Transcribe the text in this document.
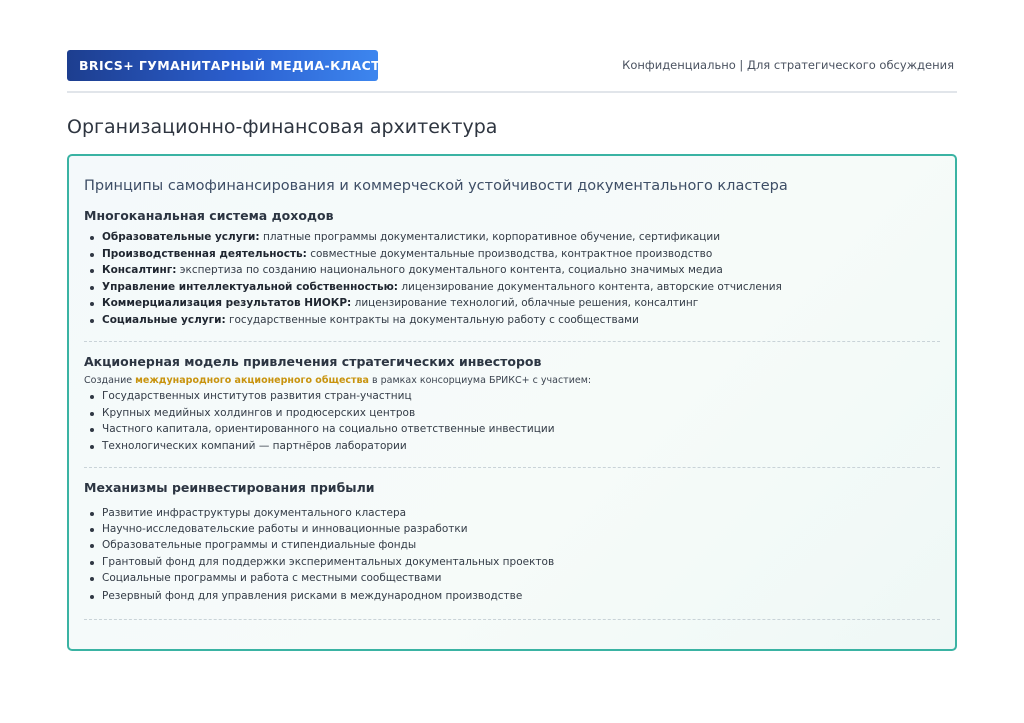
BRICS+ ГУМАНИТАРНЫЙ МЕДИА-КЛАСТЕР	Конфиденциально | Для стратегического обсуждения
Организационно-финансовая архитектура
Принципы самофинансирования и коммерческой устойчивости документального кластера
Многоканальная система доходов
Образовательные услуги: платные программы документалистики, корпоративное обучение, сертификации
Производственная деятельность: совместные документальные производства, контрактное производство
Консалтинг: экспертиза по созданию национального документального контента, социально значимых медиа
Управление интеллектуальной собственностью: лицензирование документального контента, авторские отчисления
Коммерциализация результатов НИОКР: лицензирование технологий, облачные решения, консалтинг
Социальные услуги: государственные контракты на документальную работу с сообществами
Акционерная модель привлечения стратегических инвесторов
Создание международного акционерного общества в рамках консорциума БРИКС+ с участием:
Государственных институтов развития стран-участниц
Крупных медийных холдингов и продюсерских центров
Частного капитала, ориентированного на социально ответственные инвестиции
Технологических компаний — партнёров лаборатории
Механизмы реинвестирования прибыли
Развитие инфраструктуры документального кластера
Научно-исследовательские работы и инновационные разработки
Образовательные программы и стипендиальные фонды
Грантовый фонд для поддержки экспериментальных документальных проектов
Социальные программы и работа с местными сообществами
Резервный фонд для управления рисками в международном производстве
